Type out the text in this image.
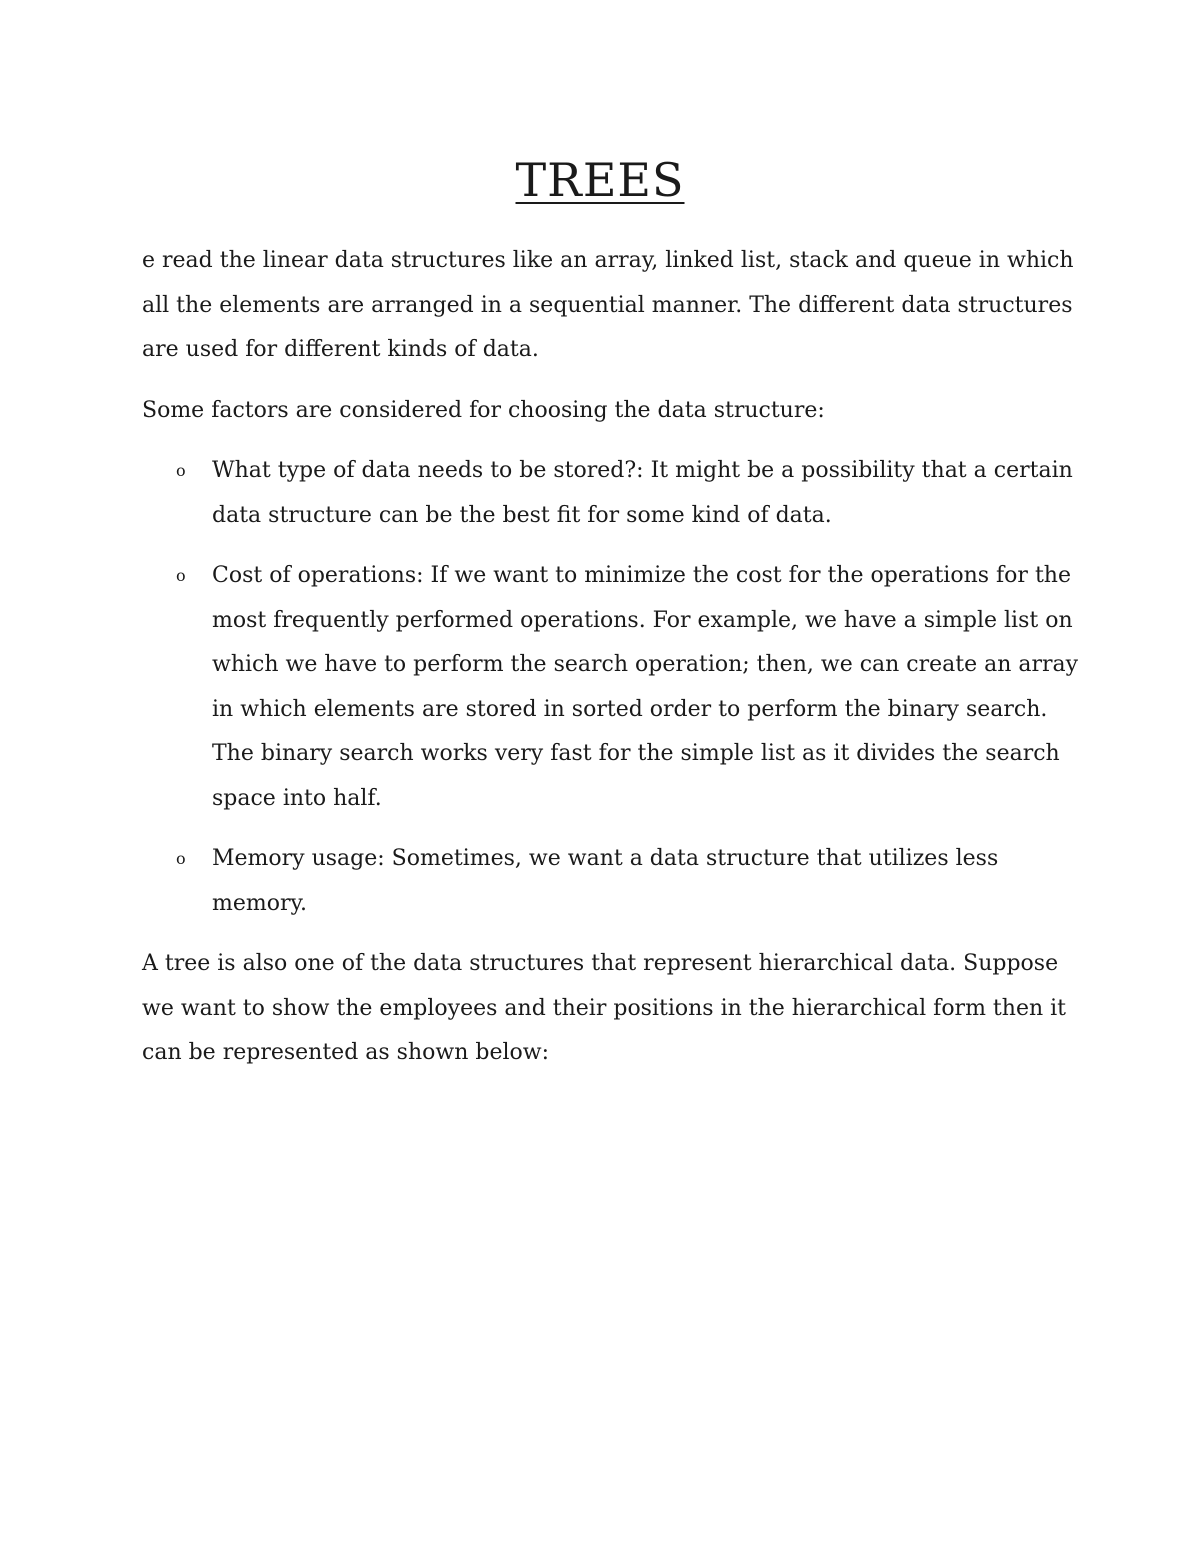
TREES

e read the linear data structures like an array, linked list, stack and queue in which all the elements are arranged in a sequential manner. The different data structures are used for different kinds of data.

Some factors are considered for choosing the data structure:

o What type of data needs to be stored?: It might be a possibility that a certain data structure can be the best fit for some kind of data.
o Cost of operations: If we want to minimize the cost for the operations for the most frequently performed operations. For example, we have a simple list on which we have to perform the search operation; then, we can create an array in which elements are stored in sorted order to perform the binary search. The binary search works very fast for the simple list as it divides the search space into half.
o Memory usage: Sometimes, we want a data structure that utilizes less memory.

A tree is also one of the data structures that represent hierarchical data. Suppose we want to show the employees and their positions in the hierarchical form then it can be represented as shown below:
